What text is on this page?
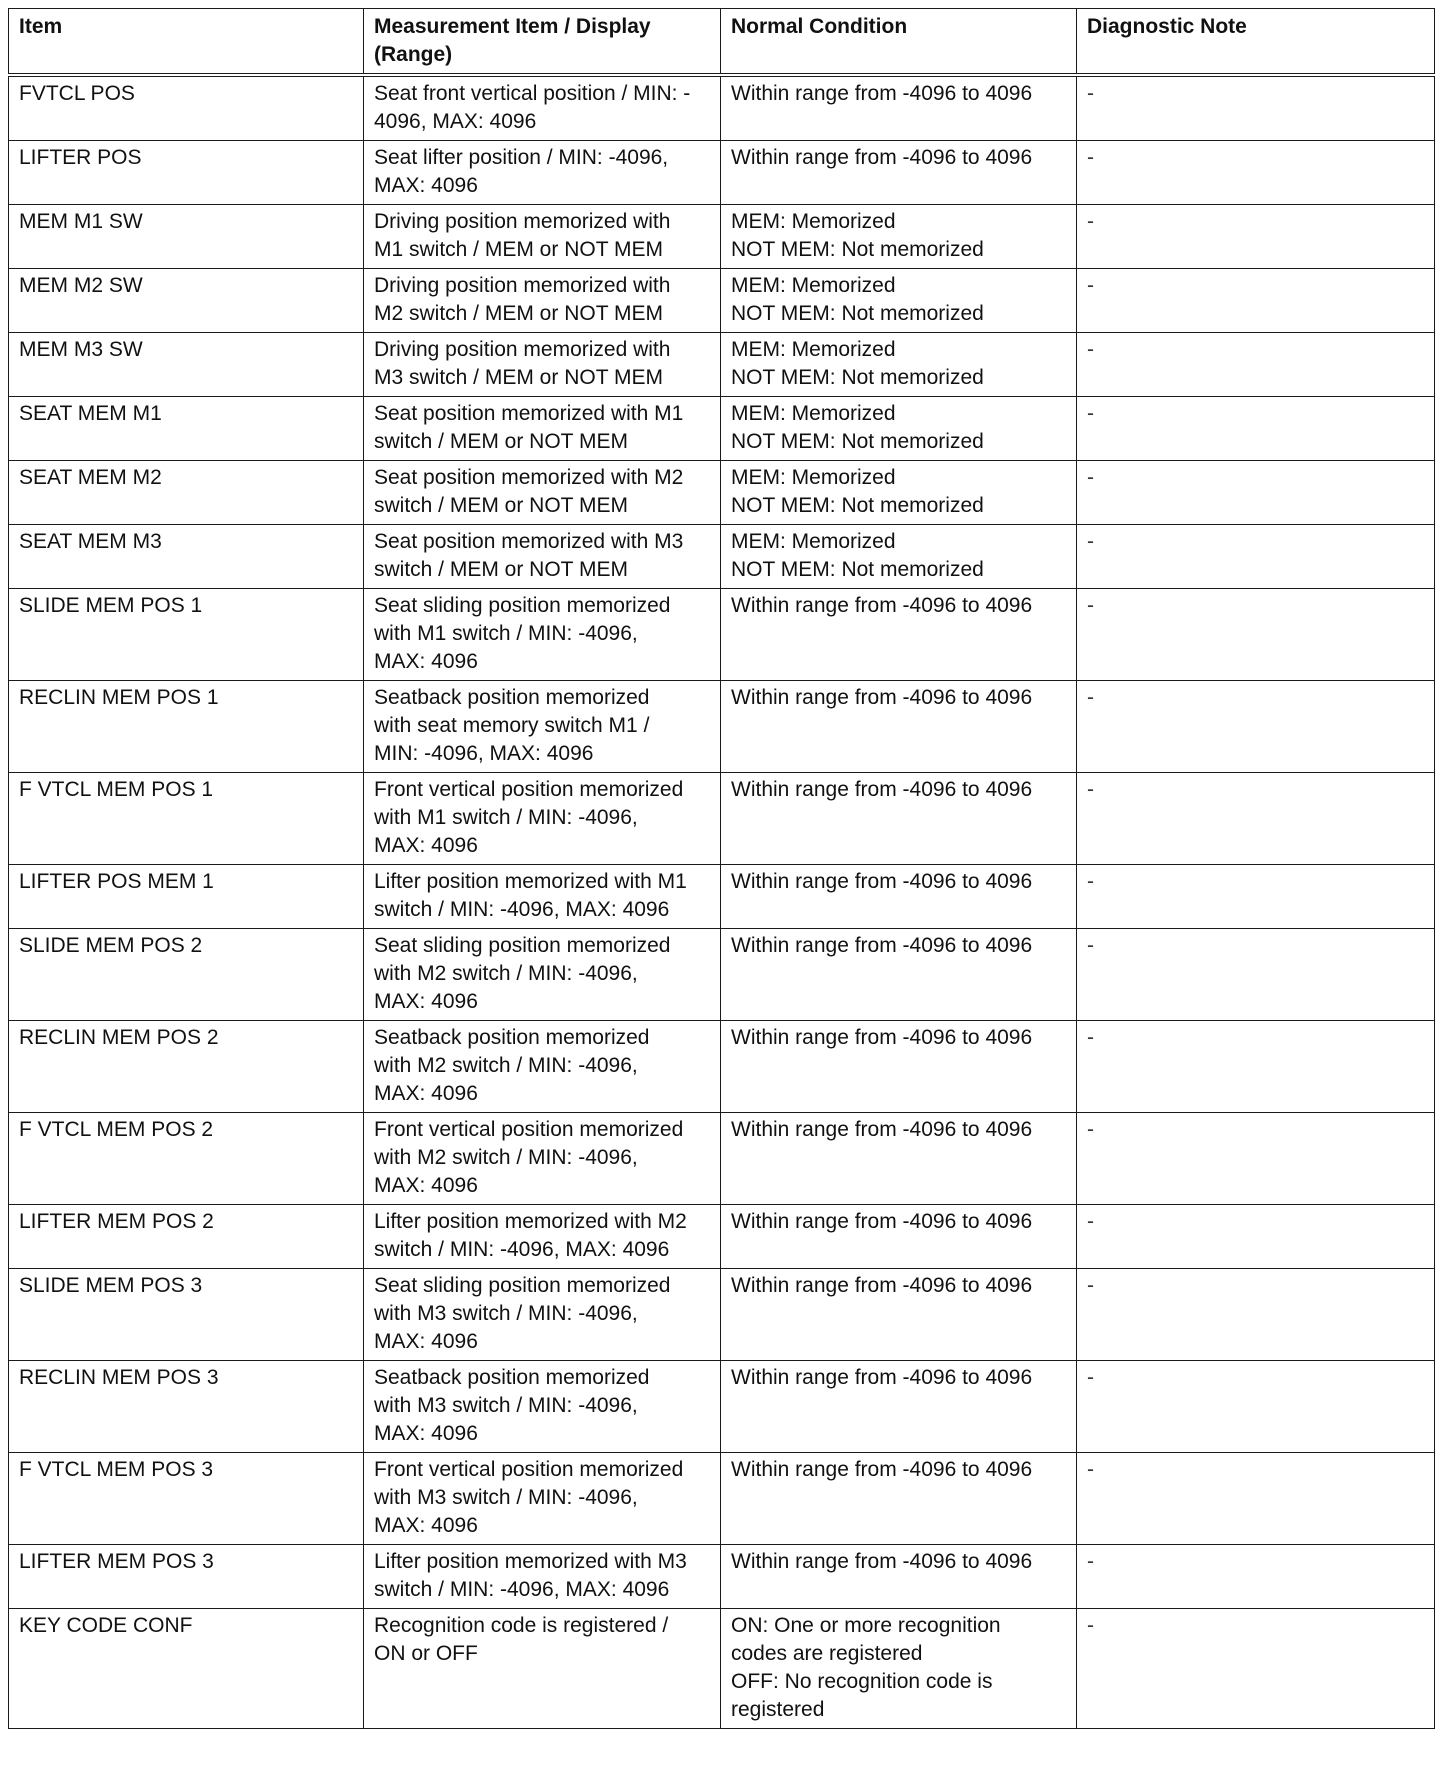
Item	Measurement Item / Display (Range)	Normal Condition	Diagnostic Note
FVTCL POS	Seat front vertical position / MIN: -
4096, MAX: 4096	Within range from -4096 to 4096	-
LIFTER POS	Seat lifter position / MIN: -4096,
MAX: 4096	Within range from -4096 to 4096	-
MEM M1 SW	Driving position memorized with
M1 switch / MEM or NOT MEM	MEM: Memorized
NOT MEM: Not memorized	-
MEM M2 SW	Driving position memorized with
M2 switch / MEM or NOT MEM	MEM: Memorized
NOT MEM: Not memorized	-
MEM M3 SW	Driving position memorized with
M3 switch / MEM or NOT MEM	MEM: Memorized
NOT MEM: Not memorized	-
SEAT MEM M1	Seat position memorized with M1
switch / MEM or NOT MEM	MEM: Memorized
NOT MEM: Not memorized	-
SEAT MEM M2	Seat position memorized with M2
switch / MEM or NOT MEM	MEM: Memorized
NOT MEM: Not memorized	-
SEAT MEM M3	Seat position memorized with M3
switch / MEM or NOT MEM	MEM: Memorized
NOT MEM: Not memorized	-
SLIDE MEM POS 1	Seat sliding position memorized
with M1 switch / MIN: -4096,
MAX: 4096	Within range from -4096 to 4096	-
RECLIN MEM POS 1	Seatback position memorized
with seat memory switch M1 /
MIN: -4096, MAX: 4096	Within range from -4096 to 4096	-
F VTCL MEM POS 1	Front vertical position memorized
with M1 switch / MIN: -4096,
MAX: 4096	Within range from -4096 to 4096	-
LIFTER POS MEM 1	Lifter position memorized with M1
switch / MIN: -4096, MAX: 4096	Within range from -4096 to 4096	-
SLIDE MEM POS 2	Seat sliding position memorized
with M2 switch / MIN: -4096,
MAX: 4096	Within range from -4096 to 4096	-
RECLIN MEM POS 2	Seatback position memorized
with M2 switch / MIN: -4096,
MAX: 4096	Within range from -4096 to 4096	-
F VTCL MEM POS 2	Front vertical position memorized
with M2 switch / MIN: -4096,
MAX: 4096	Within range from -4096 to 4096	-
LIFTER MEM POS 2	Lifter position memorized with M2
switch / MIN: -4096, MAX: 4096	Within range from -4096 to 4096	-
SLIDE MEM POS 3	Seat sliding position memorized
with M3 switch / MIN: -4096,
MAX: 4096	Within range from -4096 to 4096	-
RECLIN MEM POS 3	Seatback position memorized
with M3 switch / MIN: -4096,
MAX: 4096	Within range from -4096 to 4096	-
F VTCL MEM POS 3	Front vertical position memorized
with M3 switch / MIN: -4096,
MAX: 4096	Within range from -4096 to 4096	-
LIFTER MEM POS 3	Lifter position memorized with M3
switch / MIN: -4096, MAX: 4096	Within range from -4096 to 4096	-
KEY CODE CONF	Recognition code is registered /
ON or OFF	ON: One or more recognition
codes are registered
OFF: No recognition code is
registered	-
